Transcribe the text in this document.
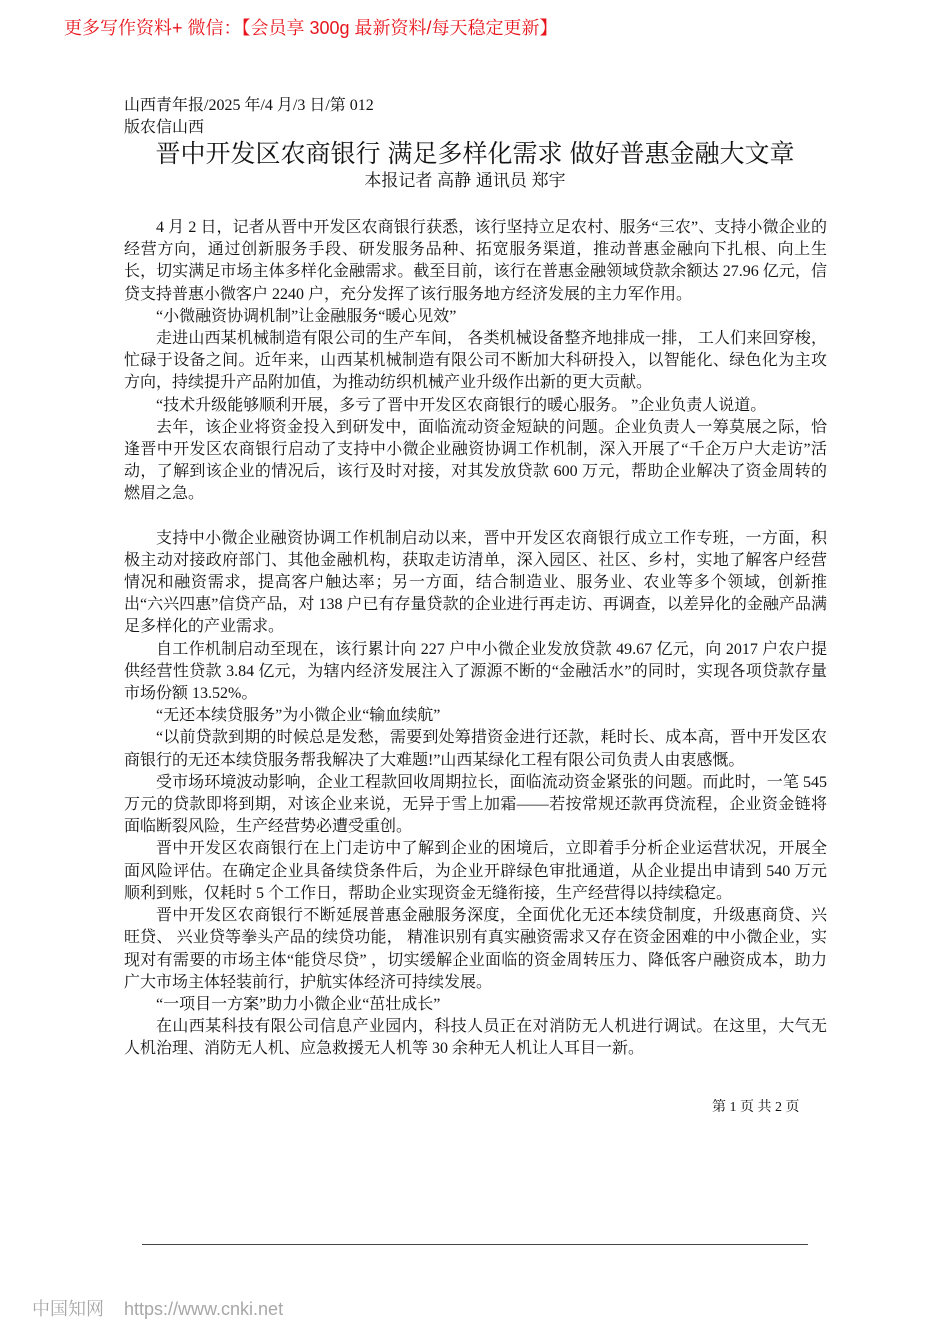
更多写作资料+ 微信：【会员享 300g 最新资料/每天稳定更新】
山西青年报/2025 年/4 月/3 日/第 012
版农信山西
晋中开发区农商银行 满足多样化需求 做好普惠金融大文章
本报记者 高静 通讯员 郑宇

4 月 2 日，记者从晋中开发区农商银行获悉，该行坚持立足农村、服务“三农”、支持小微企业的经营方向，通过创新服务手段、研发服务品种、拓宽服务渠道，推动普惠金融向下扎根、向上生长，切实满足市场主体多样化金融需求。截至目前，该行在普惠金融领域贷款余额达 27.96 亿元，信贷支持普惠小微客户 2240 户，充分发挥了该行服务地方经济发展的主力军作用。

“小微融资协调机制”让金融服务“暖心见效”

走进山西某机械制造有限公司的生产车间， 各类机械设备整齐地排成一排， 工人们来回穿梭，忙碌于设备之间。近年来，山西某机械制造有限公司不断加大科研投入，以智能化、绿色化为主攻方向，持续提升产品附加值，为推动纺织机械产业升级作出新的更大贡献。

“技术升级能够顺利开展，多亏了晋中开发区农商银行的暖心服务。 ”企业负责人说道。

去年，该企业将资金投入到研发中，面临流动资金短缺的问题。企业负责人一筹莫展之际，恰逢晋中开发区农商银行启动了支持中小微企业融资协调工作机制，深入开展了“千企万户大走访”活动，了解到该企业的情况后，该行及时对接，对其发放贷款 600 万元，帮助企业解决了资金周转的燃眉之急。

支持中小微企业融资协调工作机制启动以来，晋中开发区农商银行成立工作专班，一方面，积极主动对接政府部门、其他金融机构，获取走访清单，深入园区、社区、乡村，实地了解客户经营情况和融资需求，提高客户触达率；另一方面，结合制造业、服务业、农业等多个领域，创新推出“六兴四惠”信贷产品，对 138 户已有存量贷款的企业进行再走访、再调查，以差异化的金融产品满足多样化的产业需求。

自工作机制启动至现在，该行累计向 227 户中小微企业发放贷款 49.67 亿元，向 2017 户农户提供经营性贷款 3.84 亿元，为辖内经济发展注入了源源不断的“金融活水”的同时，实现各项贷款存量市场份额 13.52%。

“无还本续贷服务”为小微企业“输血续航”

“以前贷款到期的时候总是发愁，需要到处筹措资金进行还款，耗时长、成本高，晋中开发区农商银行的无还本续贷服务帮我解决了大难题!”山西某绿化工程有限公司负责人由衷感慨。

受市场环境波动影响，企业工程款回收周期拉长，面临流动资金紧张的问题。而此时，一笔 545 万元的贷款即将到期，对该企业来说，无异于雪上加霜——若按常规还款再贷流程，企业资金链将面临断裂风险，生产经营势必遭受重创。

晋中开发区农商银行在上门走访中了解到企业的困境后，立即着手分析企业运营状况，开展全面风险评估。在确定企业具备续贷条件后，为企业开辟绿色审批通道，从企业提出申请到 540 万元顺利到账，仅耗时 5 个工作日，帮助企业实现资金无缝衔接，生产经营得以持续稳定。

晋中开发区农商银行不断延展普惠金融服务深度，全面优化无还本续贷制度，升级惠商贷、兴旺贷、 兴业贷等拳头产品的续贷功能， 精准识别有真实融资需求又存在资金困难的中小微企业，实现对有需要的市场主体“能贷尽贷” ，切实缓解企业面临的资金周转压力、降低客户融资成本，助力广大市场主体轻装前行，护航实体经济可持续发展。

“一项目一方案”助力小微企业“茁壮成长”

在山西某科技有限公司信息产业园内，科技人员正在对消防无人机进行调试。在这里，大气无人机治理、消防无人机、应急救援无人机等 30 余种无人机让人耳目一新。

第 1 页 共 2 页
中国知网 https://www.cnki.net
